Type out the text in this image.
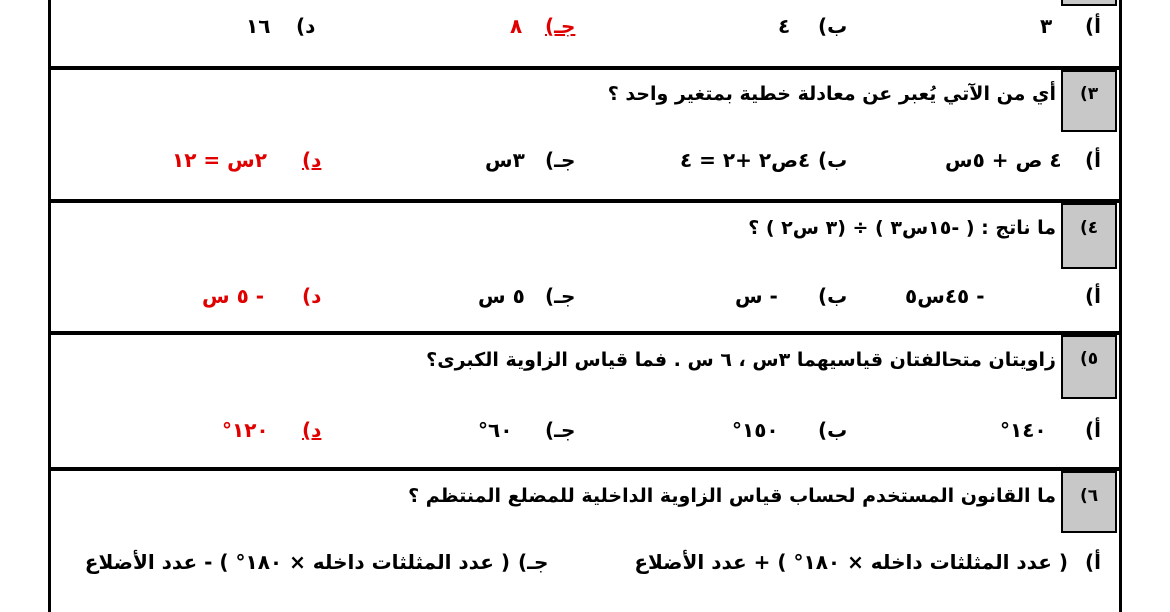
أ)
٣
ب)
٤
جـ)
٨
د)
١٦
٣)
أي من الآتي يُعبر عن معادلة خطية بمتغير واحد ؟
أ)
٤ ص + ٥س
ب)
٤ص٢ +٢ = ٤
جـ)
٣س
د)
٢س = ١٢
٤)
ما ناتج : ( -١٥س٣ ) ÷ (٣ س٢ ) ؟
أ)
- ٤٥س٥
ب)
- س
جـ)
٥ س
د)
- ٥ س
٥)
زاويتان متحالفتان قياسيهما ٣س ، ٦ س . فما قياس الزاوية الكبرى؟
أ)
١٤٠°
ب)
١٥٠°
جـ)
٦٠°
د)
١٢٠°
٦)
ما القانون المستخدم لحساب قياس الزاوية الداخلية للمضلع المنتظم ؟
أ)
( عدد المثلثات داخله × ١٨٠° ) + عدد الأضلاع
جـ)
( عدد المثلثات داخله × ١٨٠° ) - عدد الأضلاع
